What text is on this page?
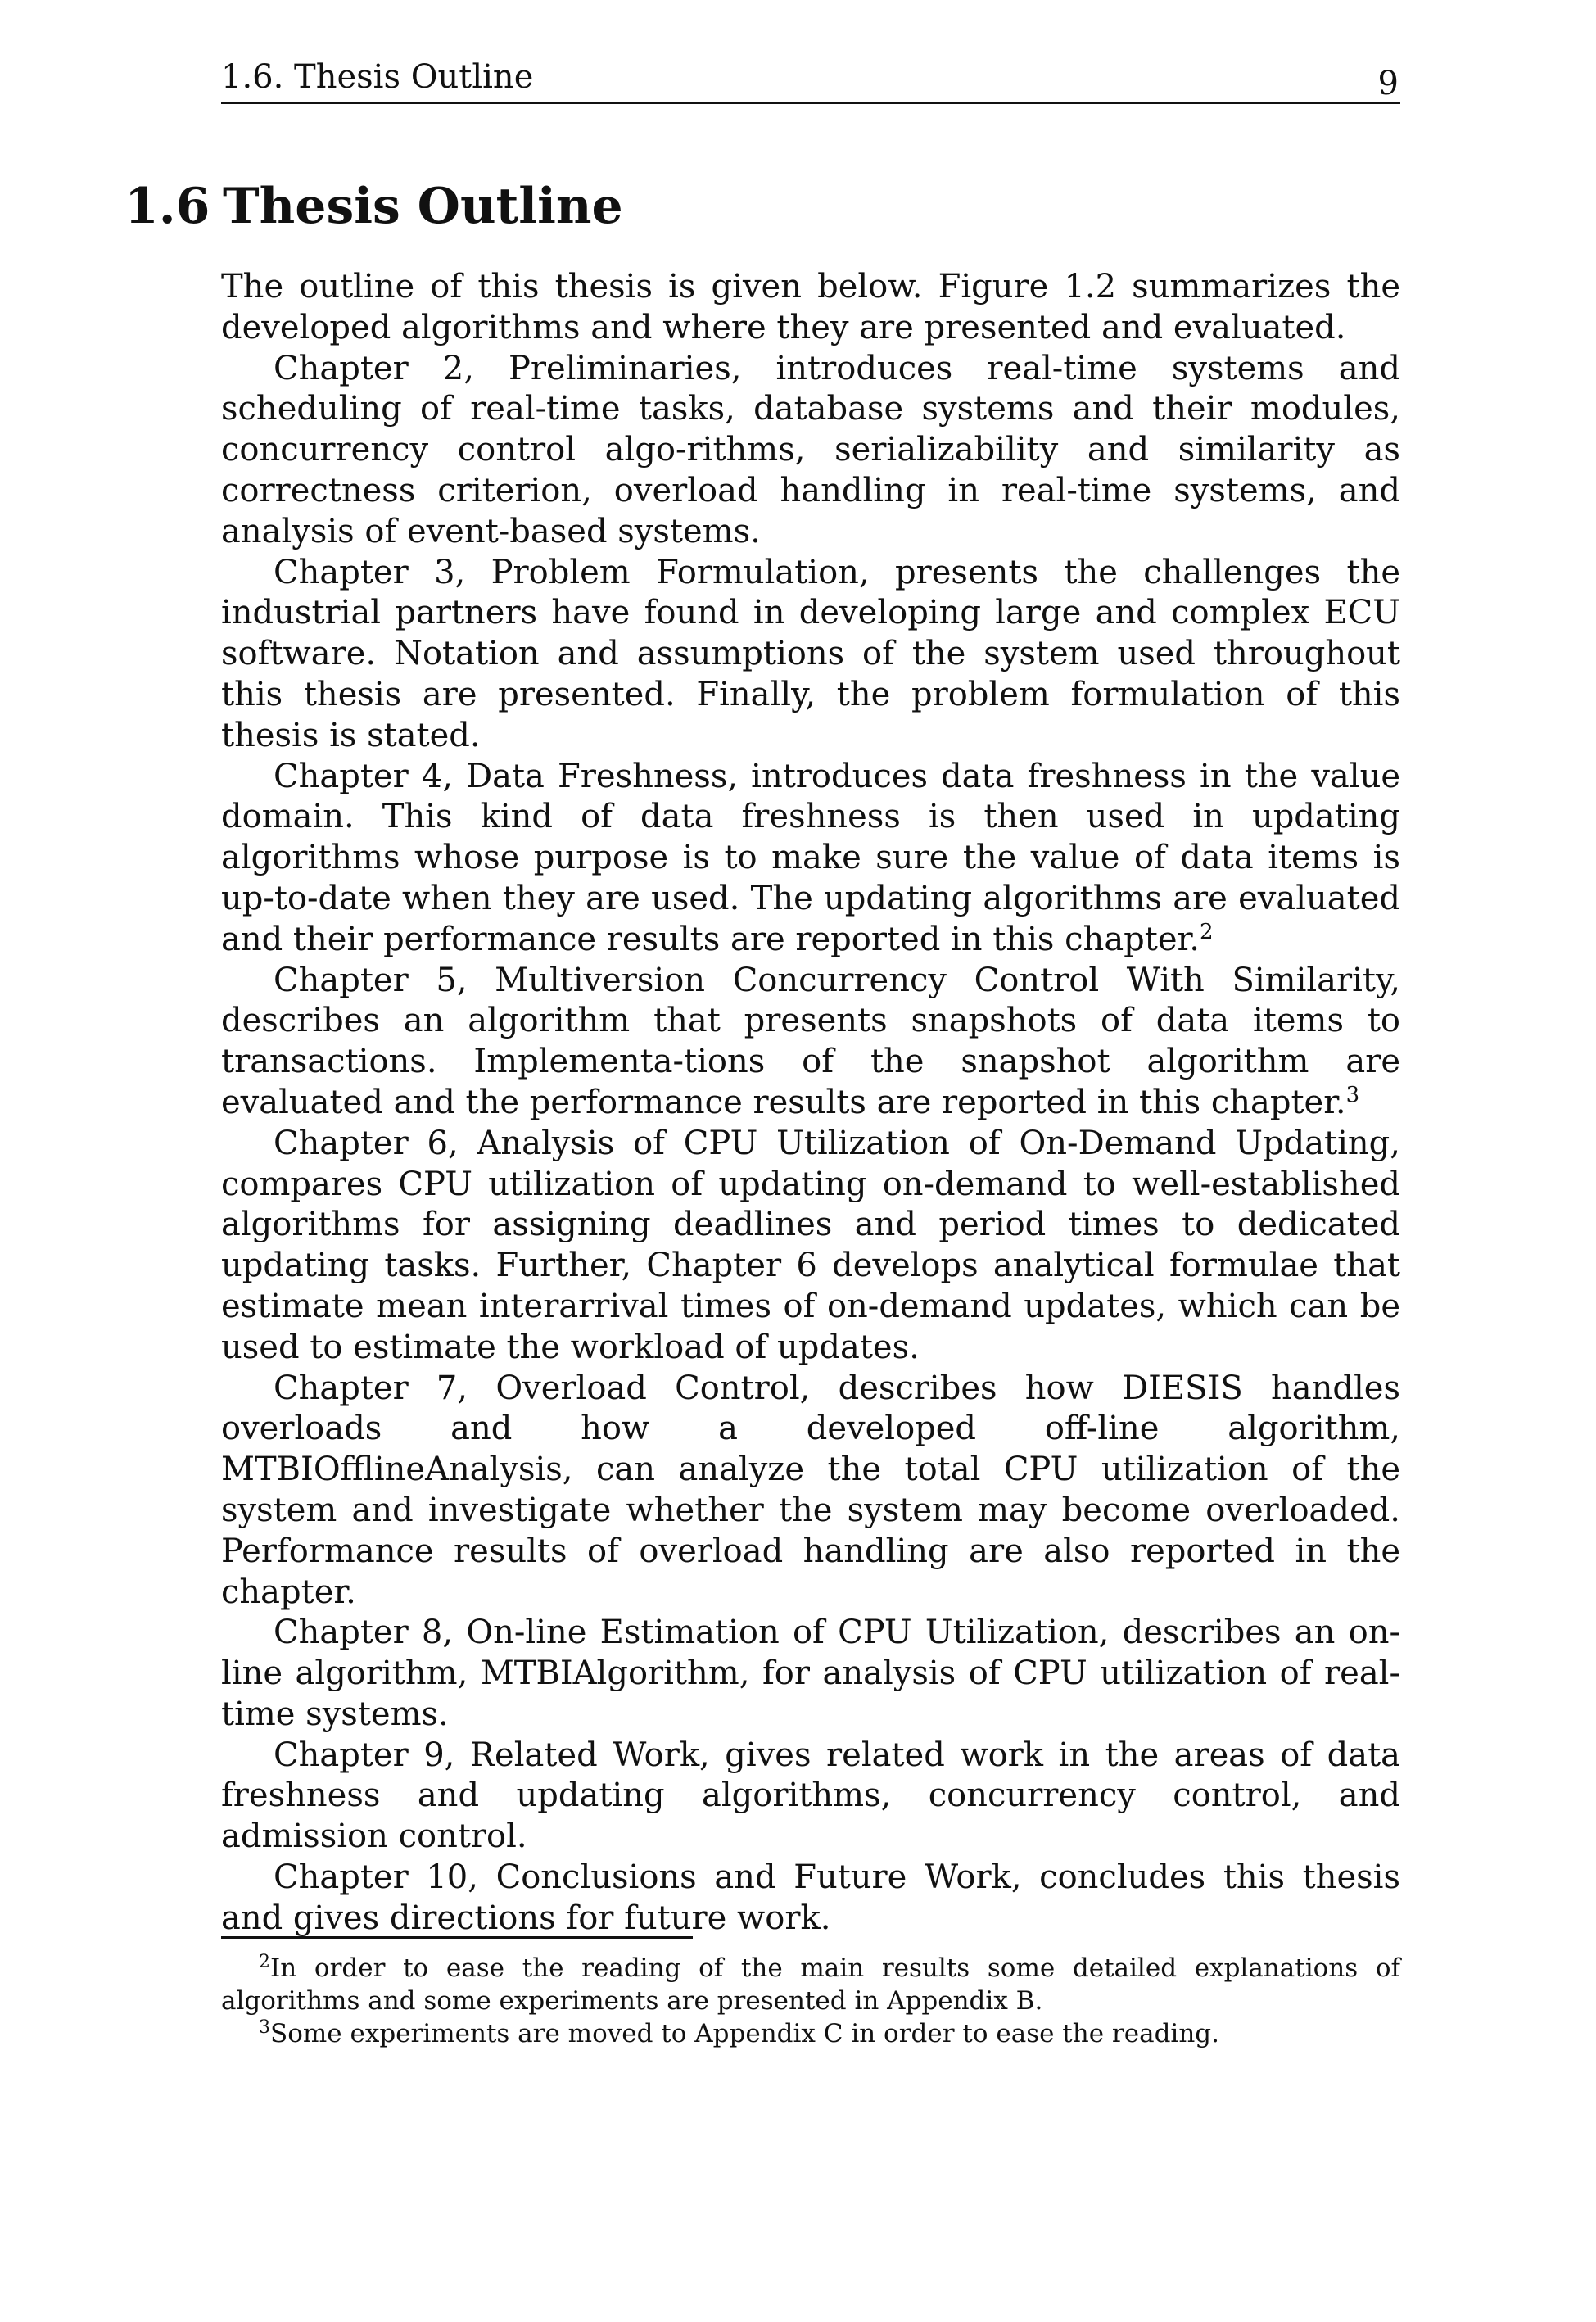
1.6. Thesis Outline	9
1.6 Thesis Outline

The outline of this thesis is given below. Figure 1.2 summarizes the developed algorithms and where they are presented and evaluated.

Chapter 2, Preliminaries, introduces real-time systems and scheduling of real-time tasks, database systems and their modules, concurrency control algo-rithms, serializability and similarity as correctness criterion, overload handling in real-time systems, and analysis of event-based systems.

Chapter 3, Problem Formulation, presents the challenges the industrial partners have found in developing large and complex ECU software. Notation and assumptions of the system used throughout this thesis are presented. Finally, the problem formulation of this thesis is stated.

Chapter 4, Data Freshness, introduces data freshness in the value domain. This kind of data freshness is then used in updating algorithms whose purpose is to make sure the value of data items is up-to-date when they are used. The updating algorithms are evaluated and their performance results are reported in this chapter.$^2$

Chapter 5, Multiversion Concurrency Control With Similarity, describes an algorithm that presents snapshots of data items to transactions. Implementa-tions of the snapshot algorithm are evaluated and the performance results are reported in this chapter.$^3$

Chapter 6, Analysis of CPU Utilization of On-Demand Updating, compares CPU utilization of updating on-demand to well-established algorithms for assigning deadlines and period times to dedicated updating tasks. Further, Chapter 6 develops analytical formulae that estimate mean interarrival times of on-demand updates, which can be used to estimate the workload of updates.

Chapter 7, Overload Control, describes how DIESIS handles overloads and how a developed off-line algorithm, MTBIOfflineAnalysis, can analyze the total CPU utilization of the system and investigate whether the system may become overloaded. Performance results of overload handling are also reported in the chapter.

Chapter 8, On-line Estimation of CPU Utilization, describes an on-line algorithm, MTBIAlgorithm, for analysis of CPU utilization of real-time systems.

Chapter 9, Related Work, gives related work in the areas of data freshness and updating algorithms, concurrency control, and admission control.

Chapter 10, Conclusions and Future Work, concludes this thesis and gives directions for future work.

$^2$In order to ease the reading of the main results some detailed explanations of algorithms and some experiments are presented in Appendix B.

$^3$Some experiments are moved to Appendix C in order to ease the reading.
